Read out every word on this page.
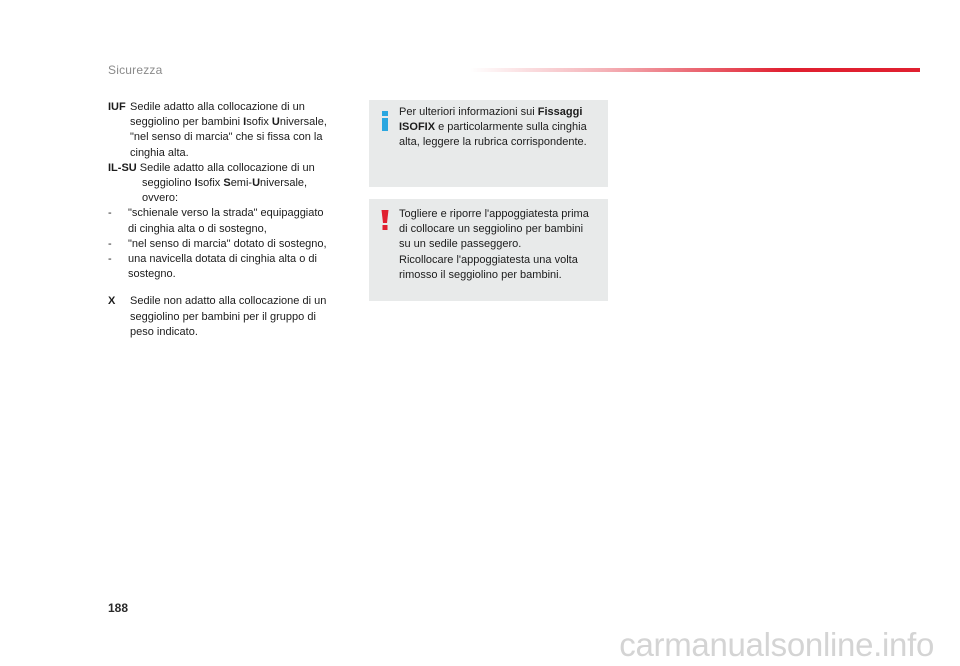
Sicurezza
IUF Sedile adatto alla collocazione di un
seggiolino per bambini Isofix Universale,
"nel senso di marcia" che si fissa con la
cinghia alta.
IL-SU Sedile adatto alla collocazione di un
seggiolino Isofix Semi-Universale,
ovvero:
- "schienale verso la strada" equipaggiato
di cinghia alta o di sostegno,
- "nel senso di marcia" dotato di sostegno,
- una navicella dotata di cinghia alta o di
sostegno.
X Sedile non adatto alla collocazione di un
seggiolino per bambini per il gruppo di
peso indicato.
Per ulteriori informazioni sui Fissaggi
ISOFIX e particolarmente sulla cinghia
alta, leggere la rubrica corrispondente.
Togliere e riporre l'appoggiatesta prima
di collocare un seggiolino per bambini
su un sedile passeggero.
Ricollocare l'appoggiatesta una volta
rimosso il seggiolino per bambini.
188
carmanualsonline.info
